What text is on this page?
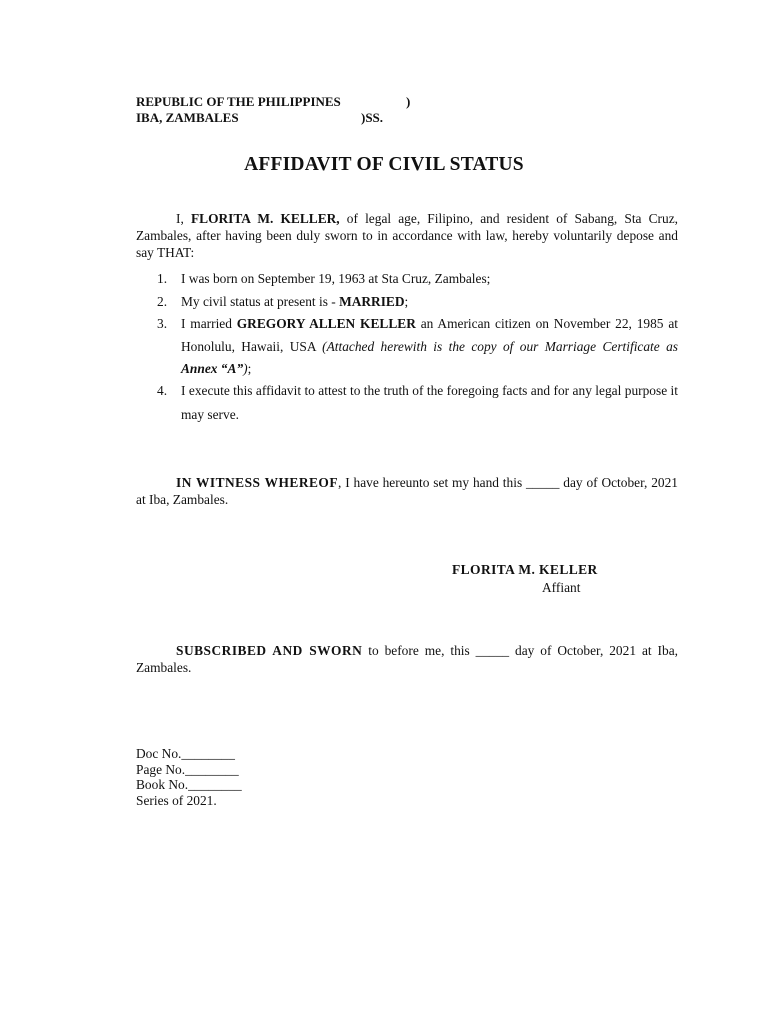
REPUBLIC OF THE PHILIPPINES	)
IBA, ZAMBALES	)SS.
AFFIDAVIT OF CIVIL STATUS
I, FLORITA M. KELLER, of legal age, Filipino, and resident of Sabang, Sta Cruz, Zambales, after having been duly sworn to in accordance with law, hereby voluntarily depose and say THAT:
1. I was born on September 19, 1963 at Sta Cruz, Zambales;
2. My civil status at present is - MARRIED;
3. I married GREGORY ALLEN KELLER an American citizen on November 22, 1985 at Honolulu, Hawaii, USA (Attached herewith is the copy of our Marriage Certificate as Annex “A”);
4. I execute this affidavit to attest to the truth of the foregoing facts and for any legal purpose it may serve.
IN WITNESS WHEREOF, I have hereunto set my hand this _____ day of October, 2021 at Iba, Zambales.
FLORITA M. KELLER
Affiant
SUBSCRIBED AND SWORN to before me, this _____ day of October, 2021 at Iba, Zambales.
Doc No.________
Page No.________
Book No.________
Series of 2021.
